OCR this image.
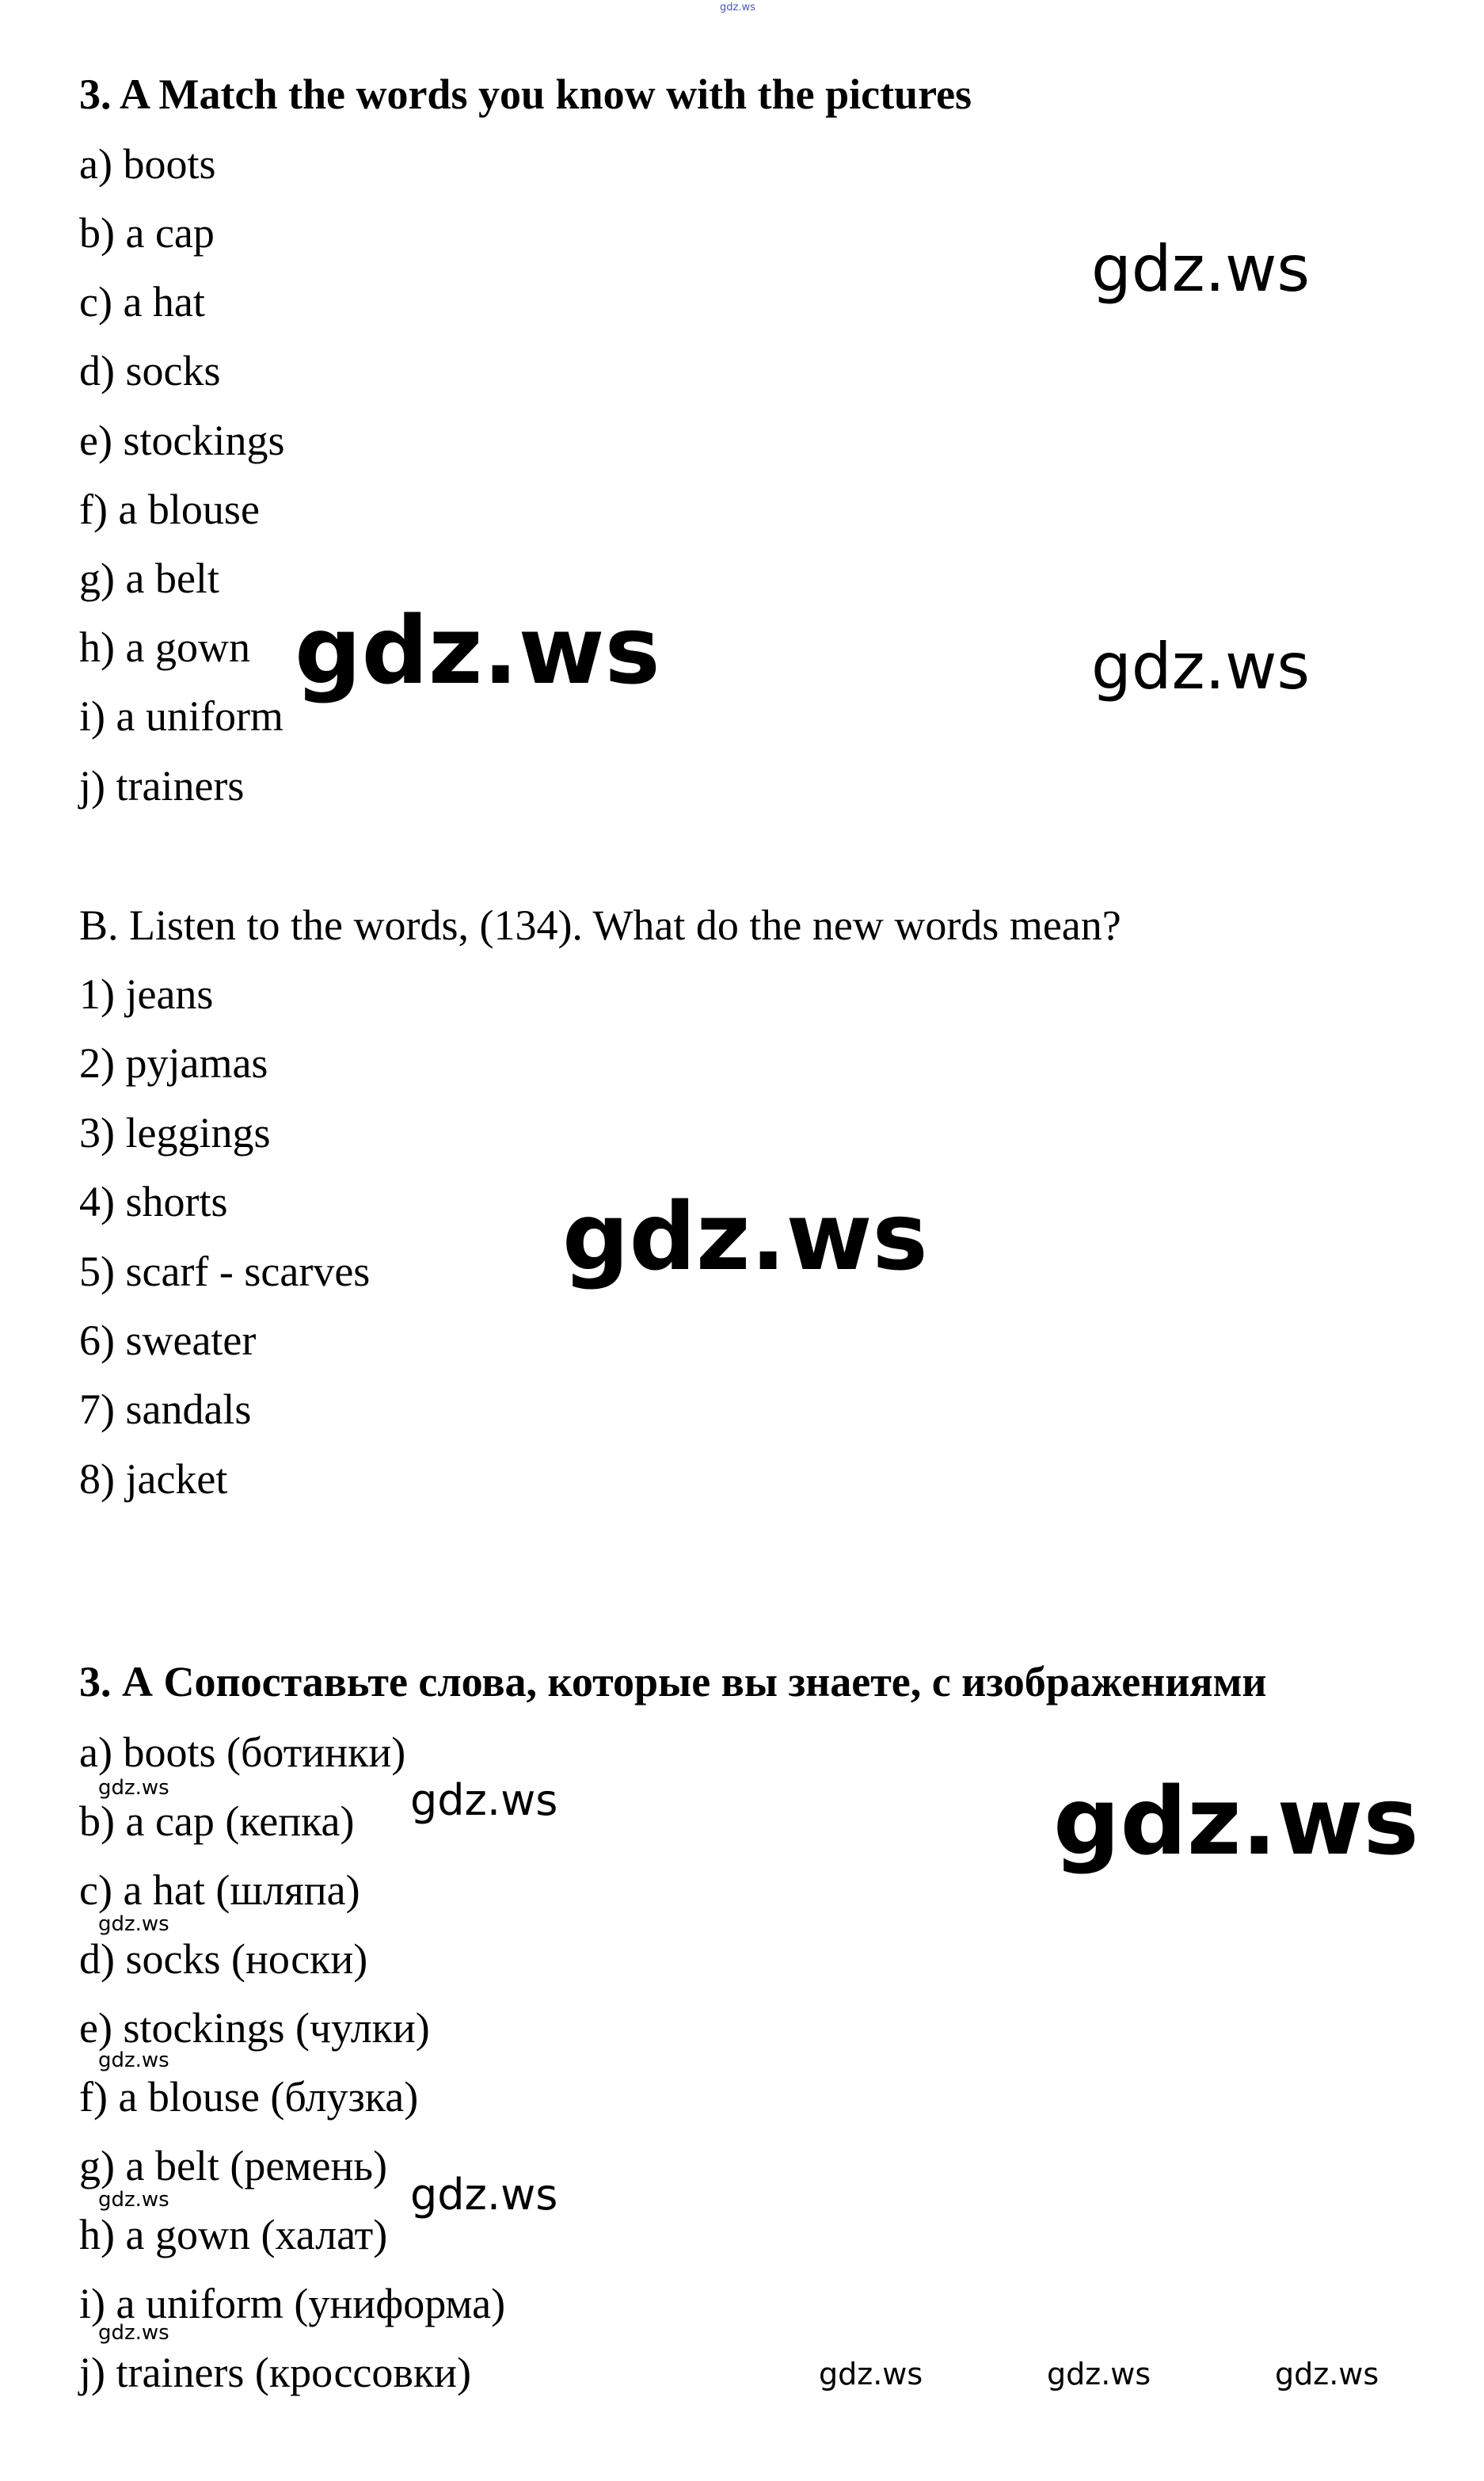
3. A Match the words you know with the pictures
a) boots
b) a cap
c) a hat
d) socks
e) stockings
f) a blouse
g) a belt
h) a gown
i) a uniform
j) trainers
B. Listen to the words, (134). What do the new words mean?
1) jeans
2) pyjamas
3) leggings
4) shorts
5) scarf - scarves
6) sweater
7) sandals
8) jacket
3. А Сопоставьте слова, которые вы знаете, с изображениями
a) boots (ботинки)
b) a cap (кепка)
c) a hat (шляпа)
d) socks (носки)
e) stockings (чулки)
f) a blouse (блузка)
g) a belt (ремень)
h) a gown (халат)
i) a uniform (униформа)
j) trainers (кроссовки)
gdz.ws
gdz.ws
gdz.ws	gdz.ws
gdz.ws
gdz.ws	gdz.ws	gdz.ws
gdz.ws
gdz.ws
gdz.ws	gdz.ws
gdz.ws
gdz.ws	gdz.ws	gdz.ws
